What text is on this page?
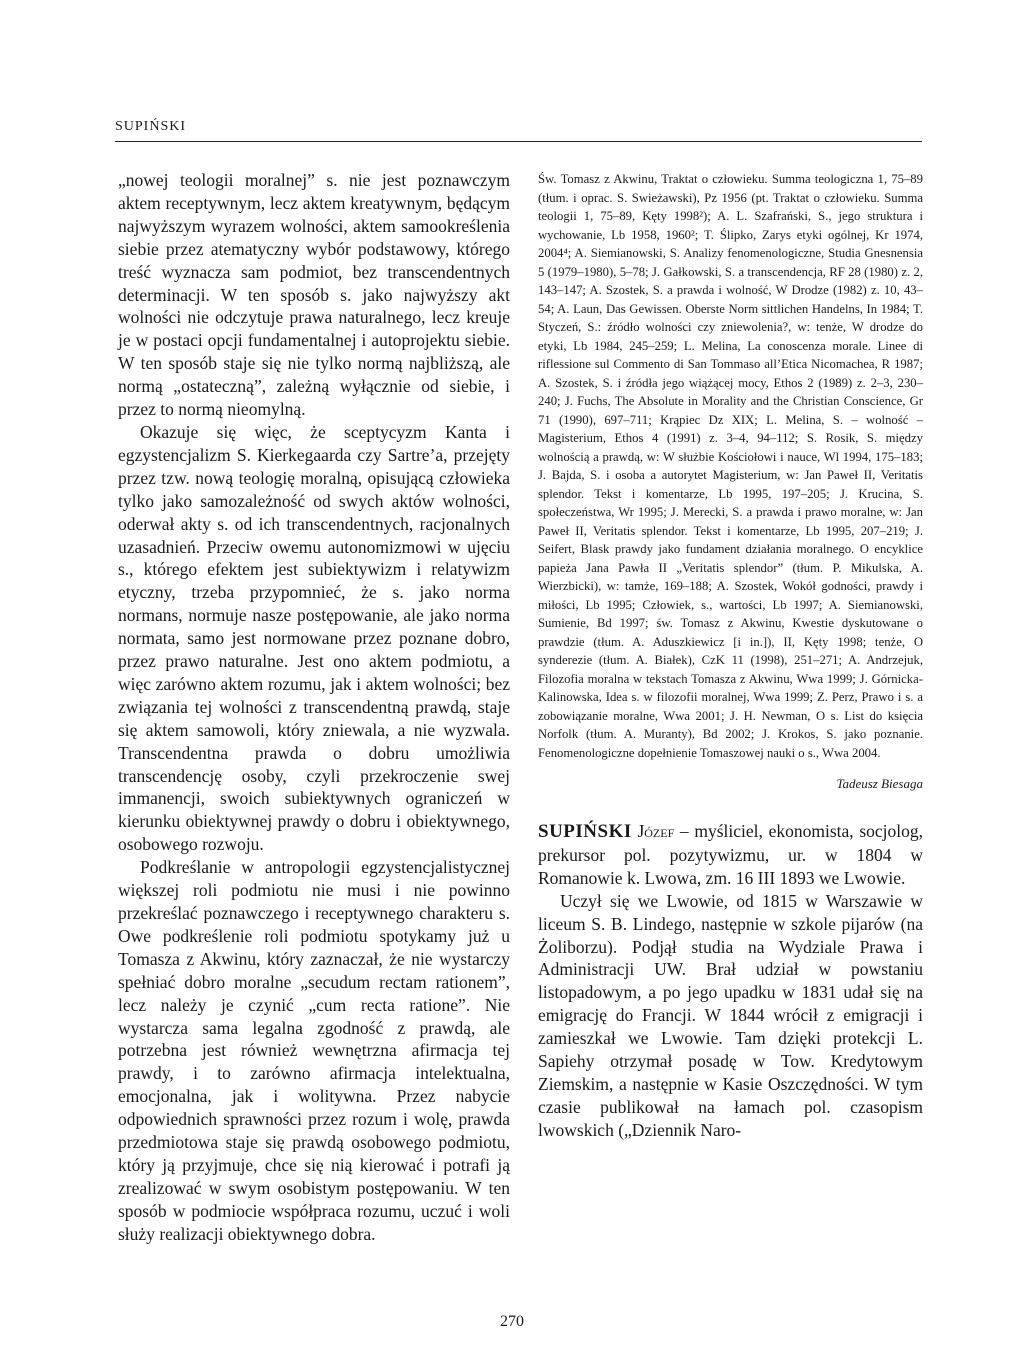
SUPIŃSKI

„nowej teologii moralnej” s. nie jest poznawczym aktem receptywnym, lecz aktem kreatywnym, będącym najwyższym wyrazem wolności, aktem samookreślenia siebie przez atematyczny wybór podstawowy, którego treść wyznacza sam podmiot, bez transcendentnych determinacji. W ten sposób s. jako najwyższy akt wolności nie odczytuje prawa naturalnego, lecz kreuje je w postaci opcji fundamentalnej i autoprojektu siebie. W ten sposób staje się nie tylko normą najbliższą, ale normą „ostateczną”, zależną wyłącznie od siebie, i przez to normą nieomylną.

Okazuje się więc, że sceptycyzm Kanta i egzystencjalizm S. Kierkegaarda czy Sartre’a, przejęty przez tzw. nową teologię moralną, opisującą człowieka tylko jako samozależność od swych aktów wolności, oderwał akty s. od ich transcendentnych, racjonalnych uzasadnień. Przeciw owemu autonomizmowi w ujęciu s., którego efektem jest subiektywizm i relatywizm etyczny, trzeba przypomnieć, że s. jako norma normans, normuje nasze postępowanie, ale jako norma normata, samo jest normowane przez poznane dobro, przez prawo naturalne. Jest ono aktem podmiotu, a więc zarówno aktem rozumu, jak i aktem wolności; bez związania tej wolności z transcendentną prawdą, staje się aktem samowoli, który zniewala, a nie wyzwala. Transcendentna prawda o dobru umożliwia transcendencję osoby, czyli przekroczenie swej immanencji, swoich subiektywnych ograniczeń w kierunku obiektywnej prawdy o dobru i obiektywnego, osobowego rozwoju.

Podkreślanie w antropologii egzystencjalistycznej większej roli podmiotu nie musi i nie powinno przekreślać poznawczego i receptywnego charakteru s. Owe podkreślenie roli podmiotu spotykamy już u Tomasza z Akwinu, który zaznaczał, że nie wystarczy spełniać dobro moralne „secudum rectam rationem”, lecz należy je czynić „cum recta ratione”. Nie wystarcza sama legalna zgodność z prawdą, ale potrzebna jest również wewnętrzna afirmacja tej prawdy, i to zarówno afirmacja intelektualna, emocjonalna, jak i wolitywna. Przez nabycie odpowiednich sprawności przez rozum i wolę, prawda przedmiotowa staje się prawdą osobowego podmiotu, który ją przyjmuje, chce się nią kierować i potrafi ją zrealizować w swym osobistym postępowaniu. W ten sposób w podmiocie współpraca rozumu, uczuć i woli służy realizacji obiektywnego dobra.

Św. Tomasz z Akwinu, Traktat o człowieku. Summa teologiczna 1, 75–89 (tłum. i oprac. S. Swieżawski), Pz 1956 (pt. Traktat o człowieku. Summa teologii 1, 75–89, Kęty 1998²); A. L. Szafrański, S., jego struktura i wychowanie, Lb 1958, 1960²; T. Ślipko, Zarys etyki ogólnej, Kr 1974, 2004⁴; A. Siemianowski, S. Analizy fenomenologiczne, Studia Gnesnensia 5 (1979–1980), 5–78; J. Gałkowski, S. a transcendencja, RF 28 (1980) z. 2, 143–147; A. Szostek, S. a prawda i wolność, W Drodze (1982) z. 10, 43–54; A. Laun, Das Gewissen. Oberste Norm sittlichen Handelns, In 1984; T. Styczeń, S.: źródło wolności czy zniewolenia?, w: tenże, W drodze do etyki, Lb 1984, 245–259; L. Melina, La conoscenza morale. Linee di riflessione sul Commento di San Tommaso all’Etica Nicomachea, R 1987; A. Szostek, S. i źródła jego wiążącej mocy, Ethos 2 (1989) z. 2–3, 230–240; J. Fuchs, The Absolute in Morality and the Christian Conscience, Gr 71 (1990), 697–711; Krąpiec Dz XIX; L. Melina, S. – wolność – Magisterium, Ethos 4 (1991) z. 3–4, 94–112; S. Rosik, S. między wolnością a prawdą, w: W służbie Kościołowi i nauce, Wl 1994, 175–183; J. Bajda, S. i osoba a autorytet Magisterium, w: Jan Paweł II, Veritatis splendor. Tekst i komentarze, Lb 1995, 197–205; J. Krucina, S. społeczeństwa, Wr 1995; J. Merecki, S. a prawda i prawo moralne, w: Jan Paweł II, Veritatis splendor. Tekst i komentarze, Lb 1995, 207–219; J. Seifert, Blask prawdy jako fundament działania moralnego. O encyklice papieża Jana Pawła II „Veritatis splendor” (tłum. P. Mikulska, A. Wierzbicki), w: tamże, 169–188; A. Szostek, Wokół godności, prawdy i miłości, Lb 1995; Człowiek, s., wartości, Lb 1997; A. Siemianowski, Sumienie, Bd 1997; św. Tomasz z Akwinu, Kwestie dyskutowane o prawdzie (tłum. A. Aduszkiewicz [i in.]), II, Kęty 1998; tenże, O synderezie (tłum. A. Białek), CzK 11 (1998), 251–271; A. Andrzejuk, Filozofia moralna w tekstach Tomasza z Akwinu, Wwa 1999; J. Górnicka-Kalinowska, Idea s. w filozofii moralnej, Wwa 1999; Z. Perz, Prawo i s. a zobowiązanie moralne, Wwa 2001; J. H. Newman, O s. List do księcia Norfolk (tłum. A. Muranty), Bd 2002; J. Krokos, S. jako poznanie. Fenomenologiczne dopełnienie Tomaszowej nauki o s., Wwa 2004.

Tadeusz Biesaga

SUPIŃSKI Józef – myśliciel, ekonomista, socjolog, prekursor pol. pozytywizmu, ur. w 1804 w Romanowie k. Lwowa, zm. 16 III 1893 we Lwowie.

Uczył się we Lwowie, od 1815 w Warszawie w liceum S. B. Lindego, następnie w szkole pijarów (na Żoliborzu). Podjął studia na Wydziale Prawa i Administracji UW. Brał udział w powstaniu listopadowym, a po jego upadku w 1831 udał się na emigrację do Francji. W 1844 wrócił z emigracji i zamieszkał we Lwowie. Tam dzięki protekcji L. Sapiehy otrzymał posadę w Tow. Kredytowym Ziemskim, a następnie w Kasie Oszczędności. W tym czasie publikował na łamach pol. czasopism lwowskich („Dziennik Naro-

270
